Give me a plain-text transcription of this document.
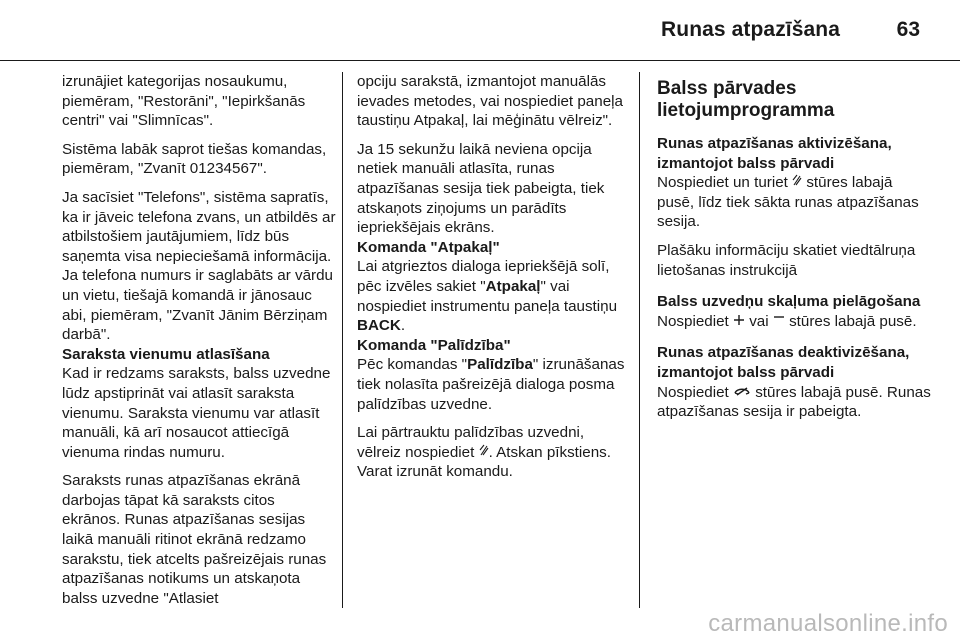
Runas atpazīšana	63

izrunājiet kategorijas nosaukumu, piemēram, "Restorāni", "Iepirkšanās centri" vai "Slimnīcas".

Sistēma labāk saprot tiešas komandas, piemēram, "Zvanīt 01234567".

Ja sacīsiet "Telefons", sistēma sapratīs, ka ir jāveic telefona zvans, un atbildēs ar atbilstošiem jautājumiem, līdz būs saņemta visa nepieciešamā informācija. Ja telefona numurs ir saglabāts ar vārdu un vietu, tiešajā komandā ir jānosauc abi, piemēram, "Zvanīt Jānim Bērziņam darbā".

Saraksta vienumu atlasīšana

Kad ir redzams saraksts, balss uzvedne lūdz apstiprināt vai atlasīt saraksta vienumu. Saraksta vienumu var atlasīt manuāli, kā arī nosaucot attiecīgā vienuma rindas numuru.

Saraksts runas atpazīšanas ekrānā darbojas tāpat kā saraksts citos ekrānos. Runas atpazīšanas sesijas laikā manuāli ritinot ekrānā redzamo sarakstu, tiek atcelts pašreizējais runas atpazīšanas notikums un atskaņota balss uzvedne "Atlasiet

opciju sarakstā, izmantojot manuālās ievades metodes, vai nospiediet paneļa taustiņu Atpakaļ, lai mēģinātu vēlreiz".

Ja 15 sekunžu laikā neviena opcija netiek manuāli atlasīta, runas atpazīšanas sesija tiek pabeigta, tiek atskaņots ziņojums un parādīts iepriekšējais ekrāns.

Komanda "Atpakaļ"

Lai atgrieztos dialoga iepriekšējā solī, pēc izvēles sakiet "Atpakaļ" vai nospiediet instrumentu paneļa taustiņu BACK.

Komanda "Palīdzība"

Pēc komandas "Palīdzība" izrunāšanas tiek nolasīta pašreizējā dialoga posma palīdzības uzvedne.

Lai pārtrauktu palīdzības uzvedni, vēlreiz nospiediet . Atskan pīkstiens. Varat izrunāt komandu.

Balss pārvades lietojumprogramma
Runas atpazīšanas aktivizēšana, izmantojot balss pārvadi

Nospiediet un turiet  stūres labajā pusē, līdz tiek sākta runas atpazīšanas sesija.

Plašāku informāciju skatiet viedtālruņa lietošanas instrukcijā

Balss uzvedņu skaļuma pielāgošana

Nospiediet  vai  stūres labajā pusē.

Runas atpazīšanas deaktivizēšana, izmantojot balss pārvadi

Nospiediet  stūres labajā pusē. Runas atpazīšanas sesija ir pabeigta.

carmanualsonline.info
